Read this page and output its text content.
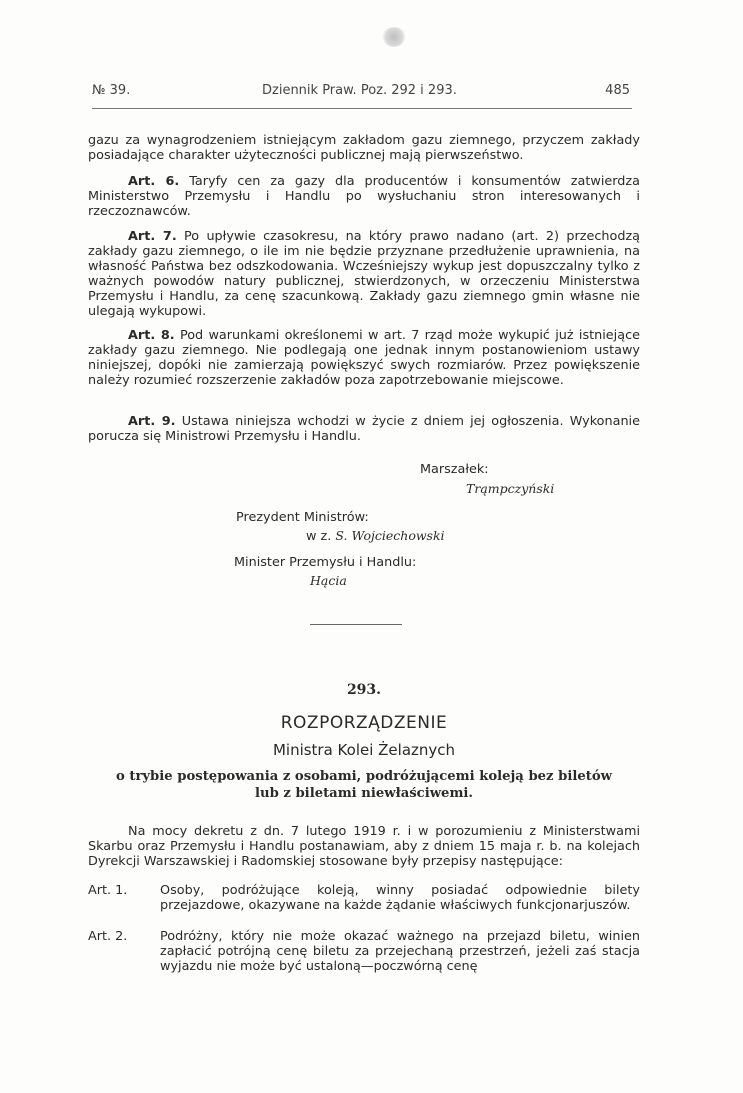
№ 39.	Dziennik Praw. Poz. 292 i 293.	485
gazu za wynagrodzeniem istniejącym zakładom gazu ziemnego, przyczem zakłady posiadające charakter użyteczności publicznej mają pierwszeństwo.
Art. 6. Taryfy cen za gazy dla producentów i konsumentów zatwierdza Ministerstwo Przemysłu i Handlu po wysłuchaniu stron interesowanych i rzeczoznawców.
Art. 7. Po upływie czasokresu, na który prawo nadano (art. 2) przechodzą zakłady gazu ziemnego, o ile im nie będzie przyznane przedłużenie uprawnienia, na własność Państwa bez odszkodowania. Wcześniejszy wykup jest dopuszczalny tylko z ważnych powodów natury publicznej, stwierdzonych, w orzeczeniu Ministerstwa Przemysłu i Handlu, za cenę szacunkową. Zakłady gazu ziemnego gmin własne nie ulegają wykupowi.
Art. 8. Pod warunkami określonemi w art. 7 rząd może wykupić już istniejące zakłady gazu ziemnego. Nie podlegają one jednak innym postanowieniom ustawy niniejszej, dopóki nie zamierzają powiększyć swych rozmiarów. Przez powiększenie należy rozumieć rozszerzenie zakładów poza zapotrzebowanie miejscowe.
Art. 9. Ustawa niniejsza wchodzi w życie z dniem jej ogłoszenia. Wykonanie porucza się Ministrowi Przemysłu i Handlu.
Marszałek:
Trąmpczyński
Prezydent Ministrów:
w z. S. Wojciechowski
Minister Przemysłu i Handlu:
Hącia
293.
ROZPORZĄDZENIE
Ministra Kolei Żelaznych
o trybie postępowania z osobami, podróżującemi koleją bez biletów lub z biletami niewłaściwemi.
Na mocy dekretu z dn. 7 lutego 1919 r. i w porozumieniu z Ministerstwami Skarbu oraz Przemysłu i Handlu postanawiam, aby z dniem 15 maja r. b. na kolejach Dyrekcji Warszawskiej i Radomskiej stosowane były przepisy następujące:
Art. 1.	Osoby, podróżujące koleją, winny posiadać odpowiednie bilety przejazdowe, okazywane na każde żądanie właściwych funkcjonarjuszów.
Art. 2.	Podróżny, który nie może okazać ważnego na przejazd biletu, winien zapłacić potrójną cenę biletu za przejechaną przestrzeń, jeżeli zaś stacja wyjazdu nie może być ustaloną—poczwórną cenę
